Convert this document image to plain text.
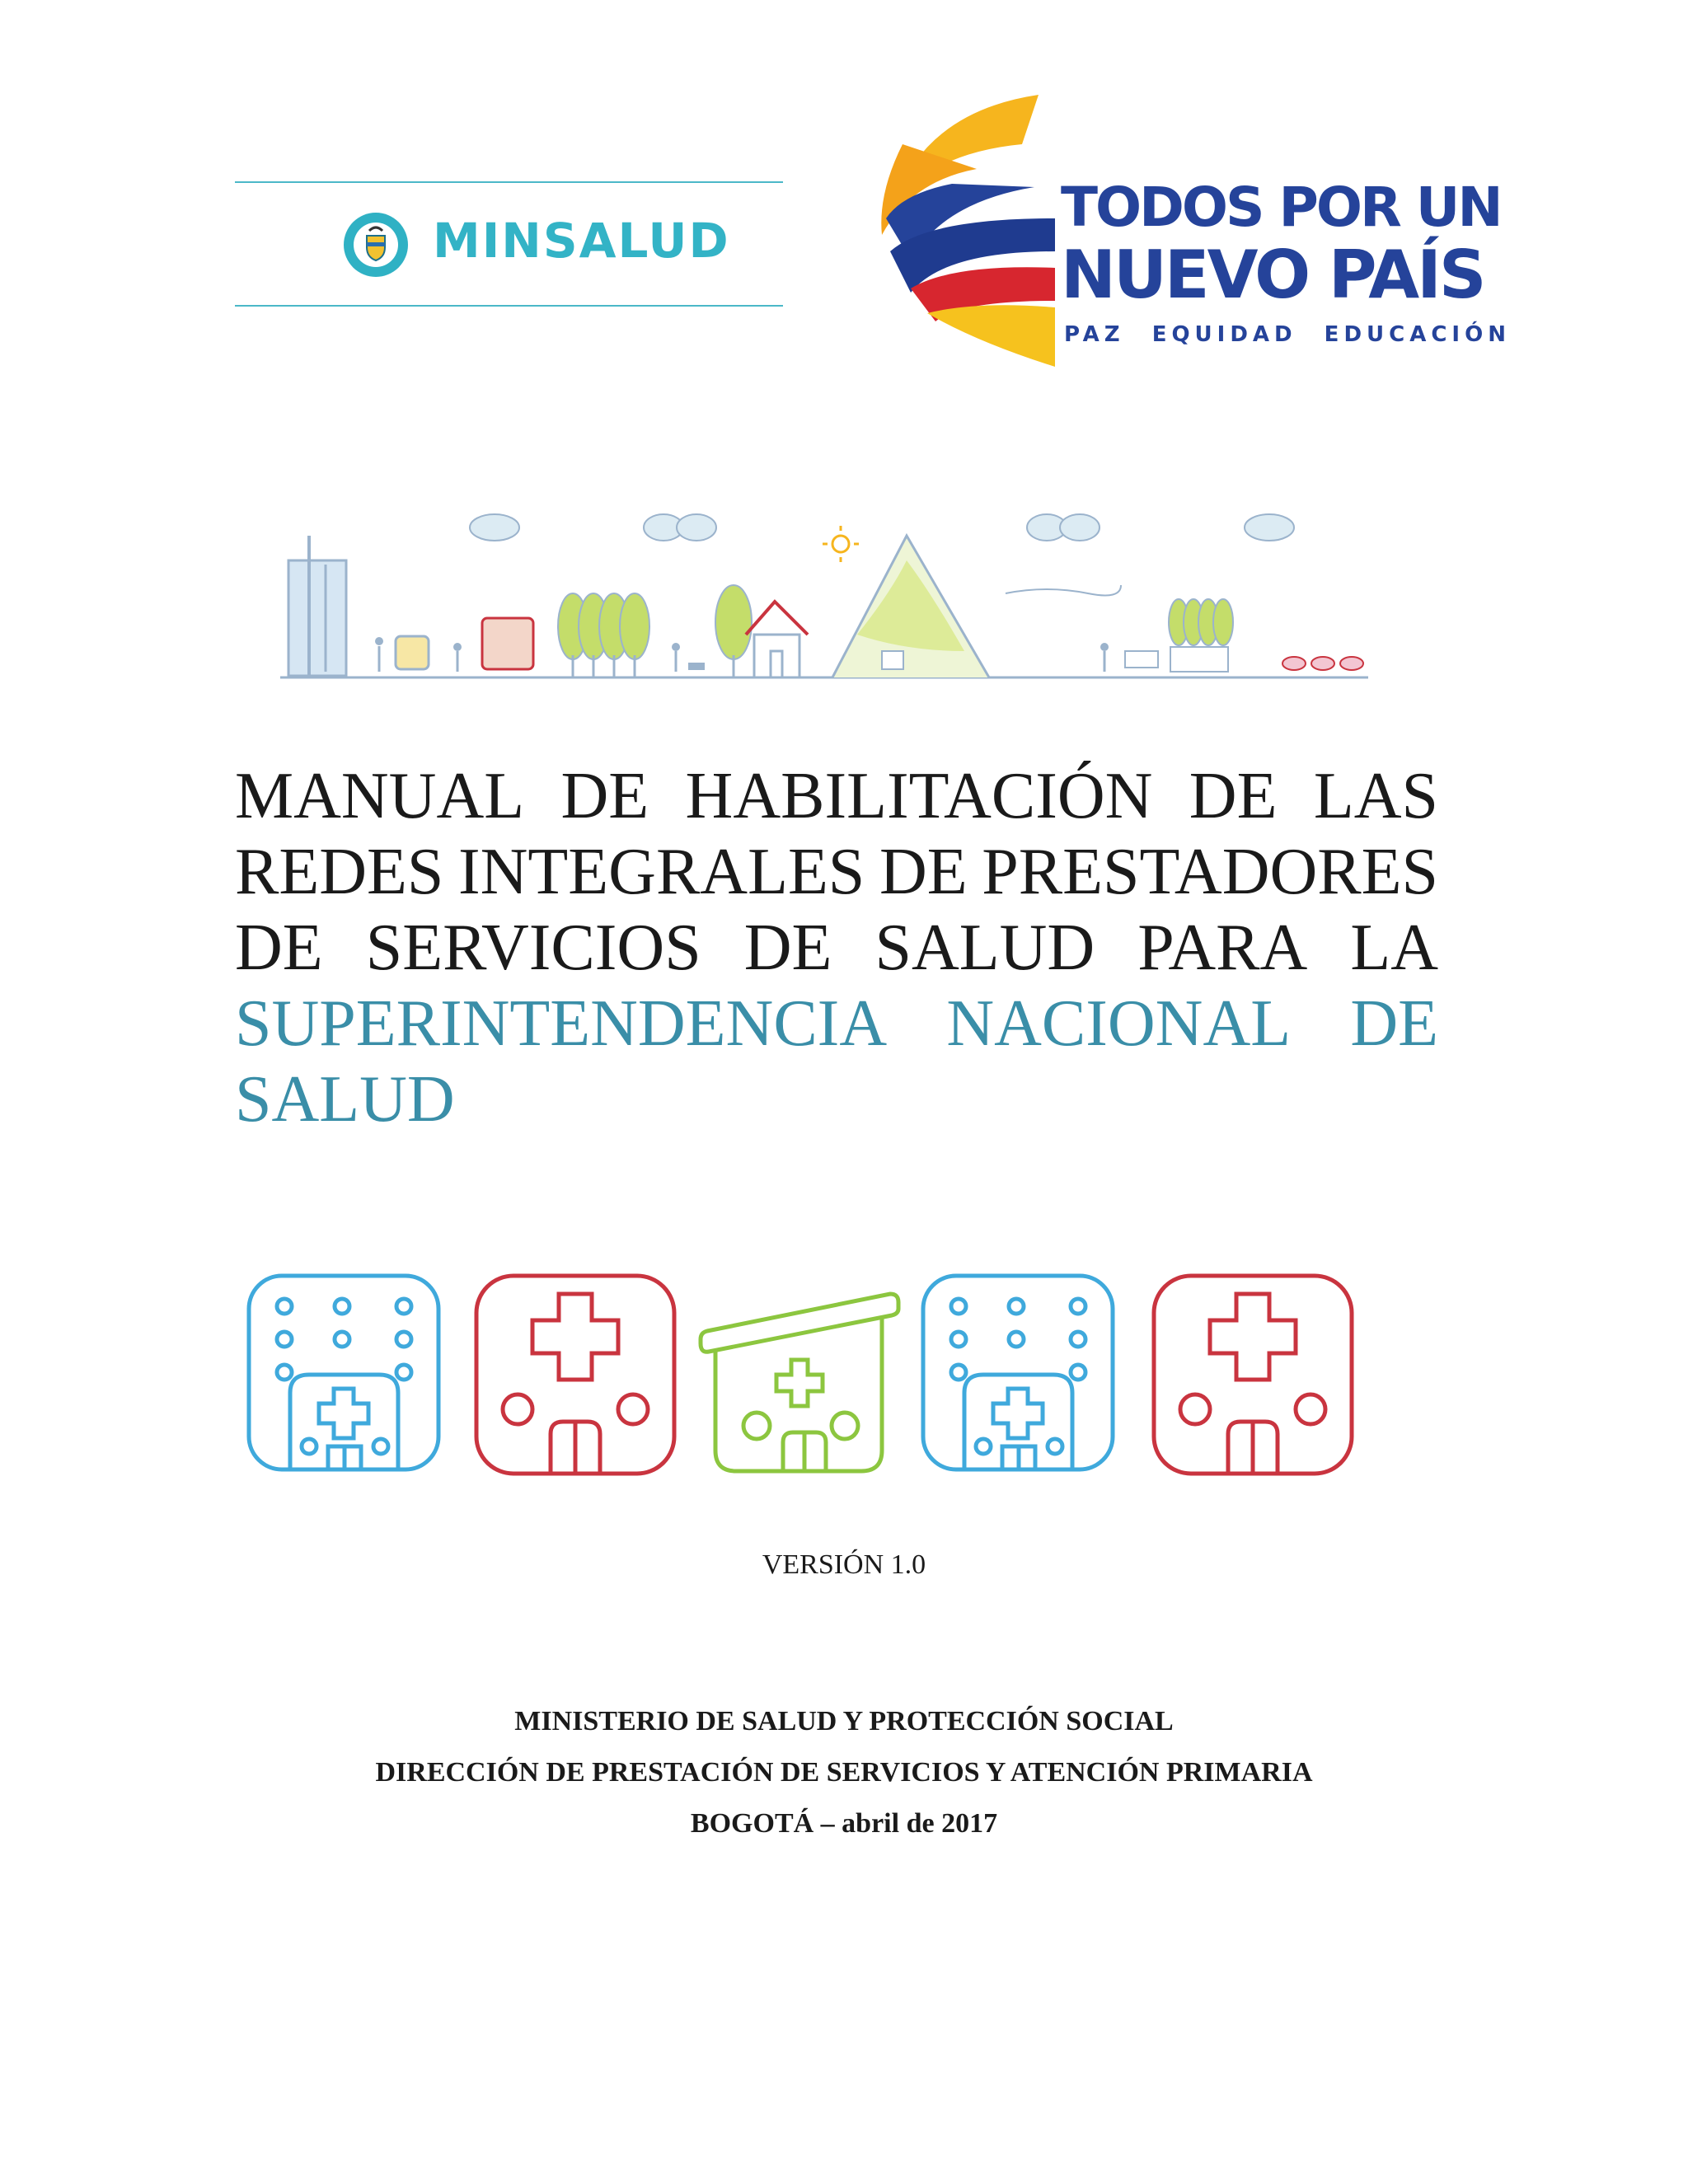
MINSALUD
TODOS POR UN
NUEVO PAÍS
PAZ EQUIDAD EDUCACIÓN
MANUAL DE HABILITACIÓN DE LAS
REDES INTEGRALES DE PRESTADORES
DE SERVICIOS DE SALUD PARA LA
SUPERINTENDENCIA NACIONAL DE
SALUD
VERSIÓN 1.0
MINISTERIO DE SALUD Y PROTECCIÓN SOCIAL
DIRECCIÓN DE PRESTACIÓN DE SERVICIOS Y ATENCIÓN PRIMARIA
BOGOTÁ – abril de 2017
